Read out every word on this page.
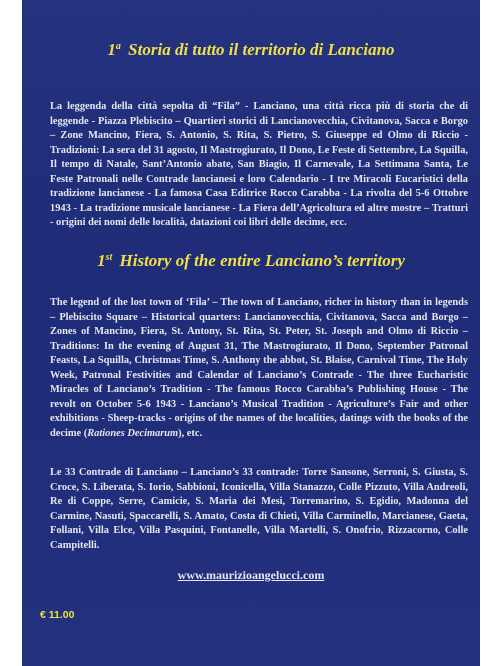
1$^a$ Storia di tutto il territorio di Lanciano

La leggenda della città sepolta di “Fila” - Lanciano, una città ricca più di storia che di leggende - Piazza Plebiscito – Quartieri storici di Lancianovecchia, Civitanova, Sacca e Borgo – Zone Mancino, Fiera, S. Antonio, S. Rita, S. Pietro, S. Giuseppe ed Olmo di Riccio - Tradizioni: La sera del 31 agosto, Il Mastrogiurato, Il Dono, Le Feste di Settembre, La Squilla, Il tempo di Natale, Sant’Antonio abate, San Biagio, Il Carnevale, La Settimana Santa, Le Feste Patronali nelle Contrade lancianesi e loro Calendario - I tre Miracoli Eucaristici della tradizione lancianese - La famosa Casa Editrice Rocco Carabba - La rivolta del 5-6 Ottobre 1943 - La tradizione musicale lancianese - La Fiera dell’Agricoltura ed altre mostre – Tratturi - origini dei nomi delle località, datazioni coi libri delle decime, ecc.

1st History of the entire Lanciano’s territory

The legend of the lost town of ‘Fila’ – The town of Lanciano, richer in history than in legends – Plebiscito Square – Historical quarters: Lancianovecchia, Civitanova, Sacca and Borgo – Zones of Mancino, Fiera, St. Antony, St. Rita, St. Peter, St. Joseph and Olmo di Riccio – Traditions: In the evening of August 31, The Mastrogiurato, Il Dono, September Patronal Feasts, La Squilla, Christmas Time, S. Anthony the abbot, St. Blaise, Carnival Time, The Holy Week, Patronal Festivities and Calendar of Lanciano’s Contrade - The three Eucharistic Miracles of Lanciano’s Tradition - The famous Rocco Carabba’s Publishing House - The revolt on October 5-6 1943 - Lanciano’s Musical Tradition - Agriculture’s Fair and other exhibitions - Sheep-tracks - origins of the names of the localities, datings with the books of the decime (Rationes Decimarum), etc.

Le 33 Contrade di Lanciano – Lanciano’s 33 contrade: Torre Sansone, Serroni, S. Giusta, S. Croce, S. Liberata, S. Iorio, Sabbioni, Iconicella, Villa Stanazzo, Colle Pizzuto, Villa Andreoli, Re di Coppe, Serre, Camicie, S. Maria dei Mesi, Torremarino, S. Egidio, Madonna del Carmine, Nasuti, Spaccarelli, S. Amato, Costa di Chieti, Villa Carminello, Marcianese, Gaeta, Follani, Villa Elce, Villa Pasquini, Fontanelle, Villa Martelli, S. Onofrio, Rizzacorno, Colle Campitelli.

www.maurizioangelucci.com
€ 11.00
